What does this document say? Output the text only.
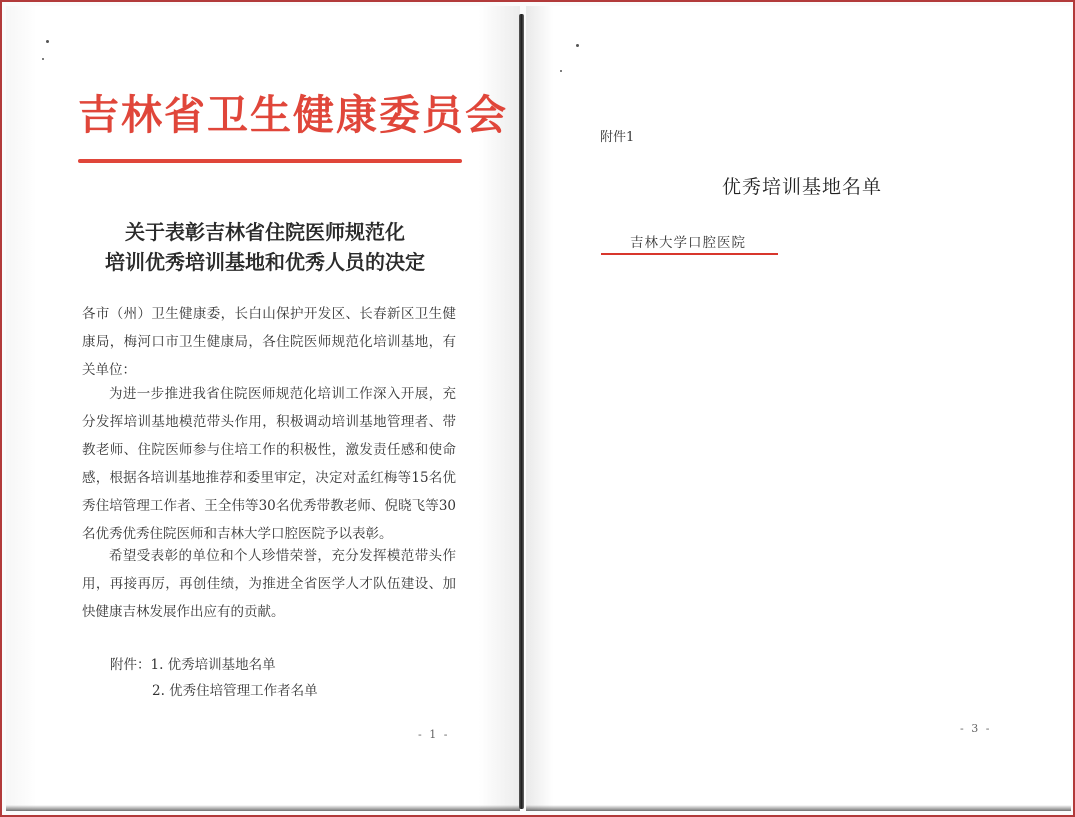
吉林省卫生健康委员会
关于表彰吉林省住院医师规范化
培训优秀培训基地和优秀人员的决定
各市（州）卫生健康委，长白山保护开发区、长春新区卫生健康局，梅河口市卫生健康局，各住院医师规范化培训基地，有关单位：
为进一步推进我省住院医师规范化培训工作深入开展，充分发挥培训基地模范带头作用，积极调动培训基地管理者、带教老师、住院医师参与住培工作的积极性，激发责任感和使命感，根据各培训基地推荐和委里审定，决定对孟红梅等15名优秀住培管理工作者、王全伟等30名优秀带教老师、倪晓飞等30名优秀优秀住院医师和吉林大学口腔医院予以表彰。
希望受表彰的单位和个人珍惜荣誉，充分发挥模范带头作用，再接再厉，再创佳绩，为推进全省医学人才队伍建设、加快健康吉林发展作出应有的贡献。
附件：1. 优秀培训基地名单
2. 优秀住培管理工作者名单
- 1 -
附件1
优秀培训基地名单
吉林大学口腔医院
- 3 -
